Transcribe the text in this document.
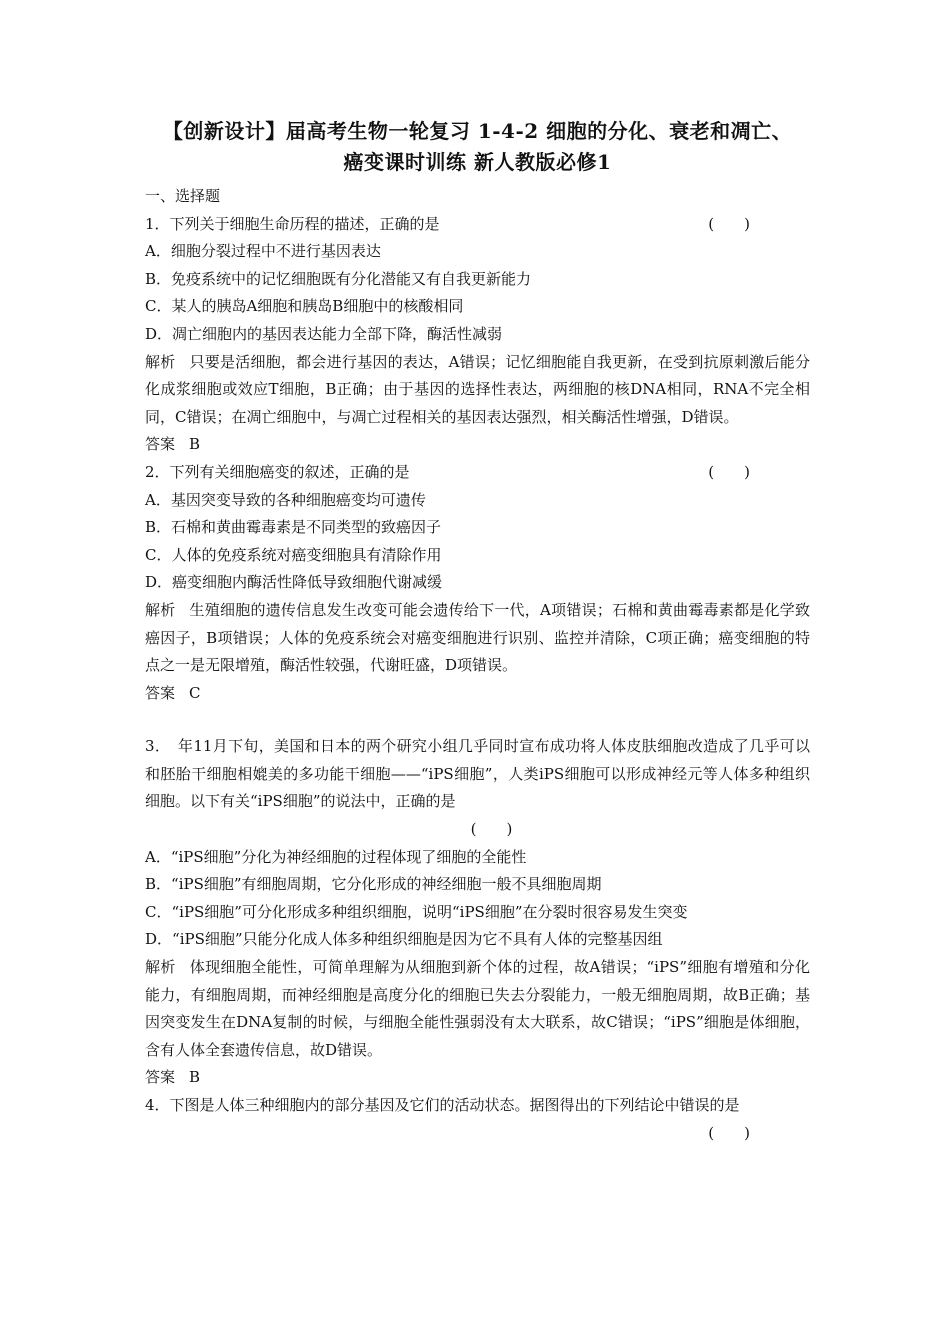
【创新设计】届高考生物一轮复习 1-4-2 细胞的分化、衰老和凋亡、
癌变课时训练 新人教版必修1
一、选择题
1．下列关于细胞生命历程的描述，正确的是	(　　)
A．细胞分裂过程中不进行基因表达
B．免疫系统中的记忆细胞既有分化潜能又有自我更新能力
C．某人的胰岛A细胞和胰岛B细胞中的核酸相同
D．凋亡细胞内的基因表达能力全部下降，酶活性减弱
解析 只要是活细胞，都会进行基因的表达，A错误；记忆细胞能自我更新，在受到抗原刺激后能分化成浆细胞或效应T细胞，B正确；由于基因的选择性表达，两细胞的核DNA相同，RNA不完全相同，C错误；在凋亡细胞中，与凋亡过程相关的基因表达强烈，相关酶活性增强，D错误。
答案 B
2．下列有关细胞癌变的叙述，正确的是	(　　)
A．基因突变导致的各种细胞癌变均可遗传
B．石棉和黄曲霉毒素是不同类型的致癌因子
C．人体的免疫系统对癌变细胞具有清除作用
D．癌变细胞内酶活性降低导致细胞代谢减缓
解析 生殖细胞的遗传信息发生改变可能会遗传给下一代，A项错误；石棉和黄曲霉毒素都是化学致癌因子，B项错误；人体的免疫系统会对癌变细胞进行识别、监控并清除，C项正确；癌变细胞的特点之一是无限增殖，酶活性较强，代谢旺盛，D项错误。
答案 C
3．　年11月下旬，美国和日本的两个研究小组几乎同时宣布成功将人体皮肤细胞改造成了几乎可以和胚胎干细胞相媲美的多功能干细胞——“iPS细胞”，人类iPS细胞可以形成神经元等人体多种组织细胞。以下有关“iPS细胞”的说法中，正确的是
(　　)
A．“iPS细胞”分化为神经细胞的过程体现了细胞的全能性
B．“iPS细胞”有细胞周期，它分化形成的神经细胞一般不具细胞周期
C．“iPS细胞”可分化形成多种组织细胞，说明“iPS细胞”在分裂时很容易发生突变
D．“iPS细胞”只能分化成人体多种组织细胞是因为它不具有人体的完整基因组
解析 体现细胞全能性，可简单理解为从细胞到新个体的过程，故A错误；“iPS”细胞有增殖和分化能力，有细胞周期，而神经细胞是高度分化的细胞已失去分裂能力，一般无细胞周期，故B正确；基因突变发生在DNA复制的时候，与细胞全能性强弱没有太大联系，故C错误；“iPS”细胞是体细胞，含有人体全套遗传信息，故D错误。
答案 B
4．下图是人体三种细胞内的部分基因及它们的活动状态。据图得出的下列结论中错误的是
(　　)
